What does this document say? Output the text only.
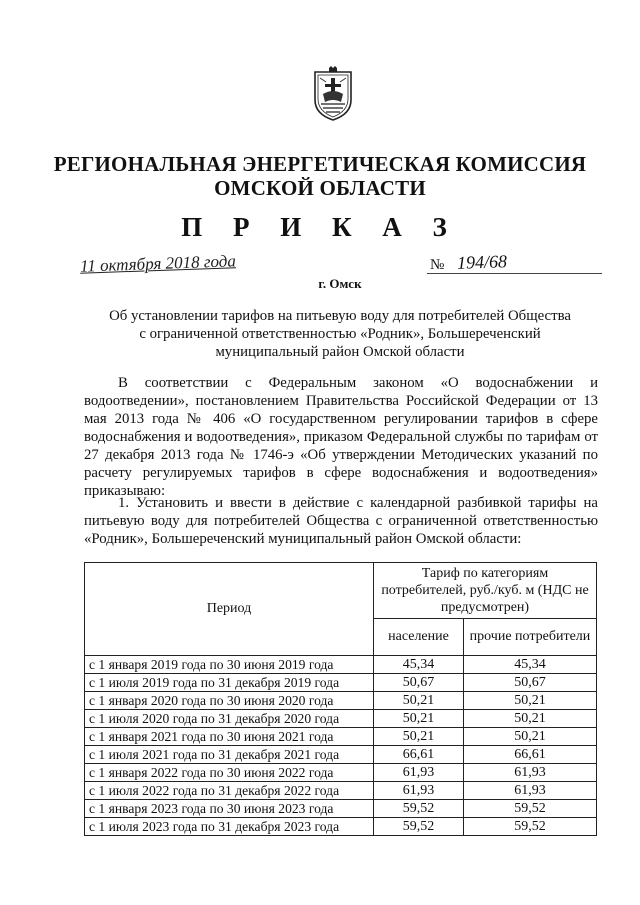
РЕГИОНАЛЬНАЯ ЭНЕРГЕТИЧЕСКАЯ КОМИССИЯ
ОМСКОЙ ОБЛАСТИ
П Р И К А З
11 октября 2018 года
г. Омск
№ 194/68
Об установлении тарифов на питьевую воду для потребителей Общества
с ограниченной ответственностью «Родник», Большереченский
муниципальный район Омской области
В соответствии с Федеральным законом «О водоснабжении и водоотведении», постановлением Правительства Российской Федерации от 13 мая 2013 года № 406 «О государственном регулировании тарифов в сфере водоснабжения и водоотведения», приказом Федеральной службы по тарифам от 27 декабря 2013 года № 1746-э «Об утверждении Методических указаний по расчету регулируемых тарифов в сфере водоснабжения и водоотведения» приказываю:
1. Установить и ввести в действие с календарной разбивкой тарифы на питьевую воду для потребителей Общества с ограниченной ответственностью «Родник», Большереченский муниципальный район Омской области:
Период	Тариф по категориям потребителей, руб./куб. м (НДС не предусмотрен)	
	население	прочие потребители
с 1 января 2019 года по 30 июня 2019 года	45,34	45,34
с 1 июля 2019 года по 31 декабря 2019 года	50,67	50,67
с 1 января 2020 года по 30 июня 2020 года	50,21	50,21
с 1 июля 2020 года по 31 декабря 2020 года	50,21	50,21
с 1 января 2021 года по 30 июня 2021 года	50,21	50,21
с 1 июля 2021 года по 31 декабря 2021 года	66,61	66,61
с 1 января 2022 года по 30 июня 2022 года	61,93	61,93
с 1 июля 2022 года по 31 декабря 2022 года	61,93	61,93
с 1 января 2023 года по 30 июня 2023 года	59,52	59,52
с 1 июля 2023 года по 31 декабря 2023 года	59,52	59,52
